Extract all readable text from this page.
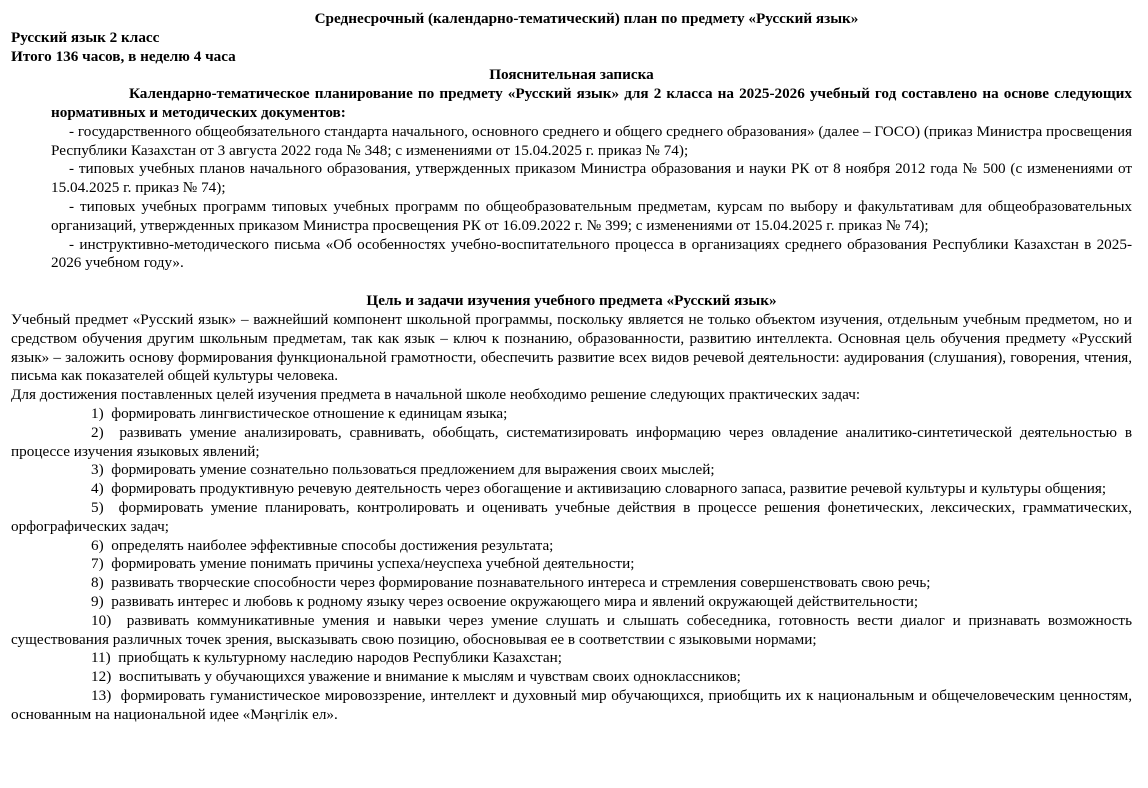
Среднесрочный (календарно-тематический) план по предмету «Русский язык»

Русский язык 2 класс

Итого 136 часов, в неделю 4 часа

Пояснительная записка

Календарно-тематическое планирование по предмету «Русский язык» для 2 класса на 2025-2026 учебный год составлено на основе следующих нормативных и методических документов:

- государственного общеобязательного стандарта начального, основного среднего и общего среднего образования» (далее – ГОСО) (приказ Министра просвещения Республики Казахстан от 3 августа 2022 года № 348; с изменениями от 15.04.2025 г. приказ № 74);

- типовых учебных планов начального образования, утвержденных приказом Министра образования и науки РК от 8 ноября 2012 года № 500 (с изменениями от 15.04.2025 г. приказ № 74);

- типовых учебных программ типовых учебных программ по общеобразовательным предметам, курсам по выбору и факультативам для общеобразовательных организаций, утвержденных приказом Министра просвещения РК от 16.09.2022 г. № 399; с изменениями от 15.04.2025 г. приказ № 74);

- инструктивно-методического письма «Об особенностях учебно-воспитательного процесса в организациях среднего образования Республики Казахстан в 2025-2026 учебном году».

Цель и задачи изучения учебного предмета «Русский язык»

Учебный предмет «Русский язык» – важнейший компонент школьной программы, поскольку является не только объектом изучения, отдельным учебным предметом, но и средством обучения другим школьным предметам, так как язык – ключ к познанию, образованности, развитию интеллекта. Основная цель обучения предмету «Русский язык» – заложить основу формирования функциональной грамотности, обеспечить развитие всех видов речевой деятельности: аудирования (слушания), говорения, чтения, письма как показателей общей культуры человека.

Для достижения поставленных целей изучения предмета в начальной школе необходимо решение следующих практических задач:

1) формировать лингвистическое отношение к единицам языка;

2) развивать умение анализировать, сравнивать, обобщать, систематизировать информацию через овладение аналитико-синтетической деятельностью в процессе изучения языковых явлений;

3) формировать умение сознательно пользоваться предложением для выражения своих мыслей;

4) формировать продуктивную речевую деятельность через обогащение и активизацию словарного запаса, развитие речевой культуры и культуры общения;

5) формировать умение планировать, контролировать и оценивать учебные действия в процессе решения фонетических, лексических, грамматических, орфографических задач;

6) определять наиболее эффективные способы достижения результата;

7) формировать умение понимать причины успеха/неуспеха учебной деятельности;

8) развивать творческие способности через формирование познавательного интереса и стремления совершенствовать свою речь;

9) развивать интерес и любовь к родному языку через освоение окружающего мира и явлений окружающей действительности;

10)  развивать коммуникативные умения и навыки через умение слушать и слышать собеседника, готовность вести диалог и признавать возможность существования различных точек зрения, высказывать свою позицию, обосновывая ее в соответствии с языковыми нормами;

11) приобщать к культурному наследию народов Республики Казахстан;

12) воспитывать у обучающихся уважение и внимание к мыслям и чувствам своих одноклассников;

13) формировать гуманистическое мировоззрение, интеллект и духовный мир обучающихся, приобщить их к национальным и общечеловеческим ценностям, основанным на национальной идее «Мәңгілік ел».
